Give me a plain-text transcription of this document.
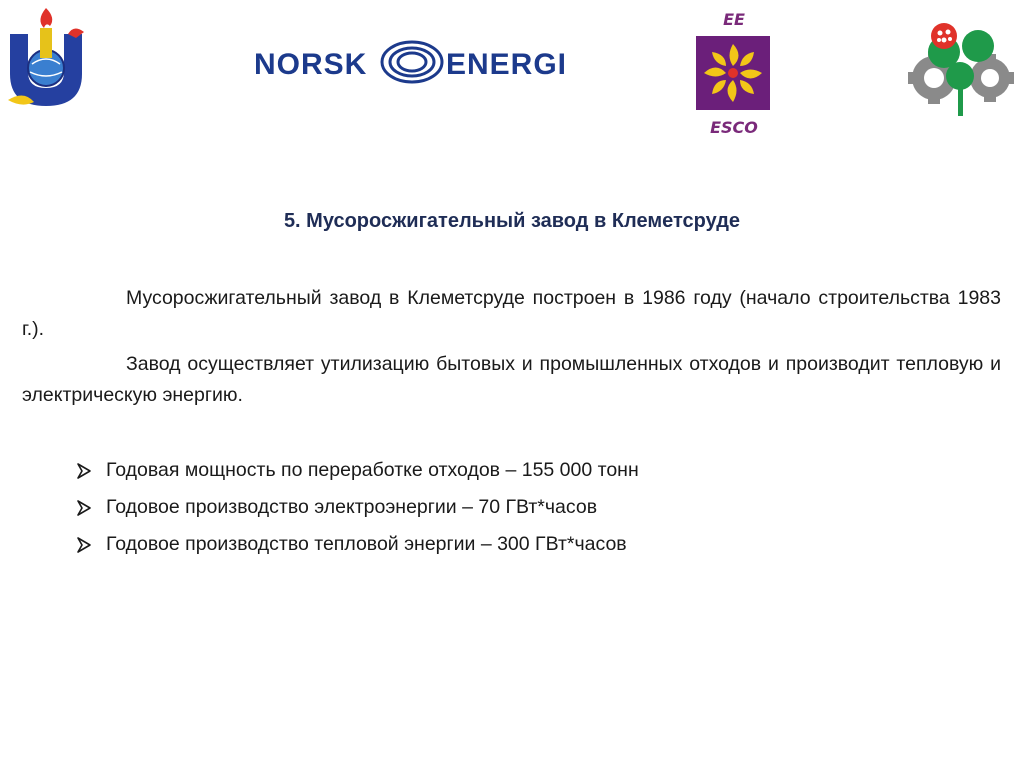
NORSK	ENERGI
EE
ESCO
5. Мусоросжигательный завод в Клеметсруде
Мусоросжигательный завод в Клеметсруде построен в 1986 году (начало строительства 1983 г.).
Завод осуществляет утилизацию бытовых и промышленных отходов и производит тепловую и электрическую энергию.
Годовая мощность по переработке отходов – 155 000 тонн
Годовое производство электроэнергии – 70 ГВт*часов
Годовое производство тепловой энергии – 300 ГВт*часов
